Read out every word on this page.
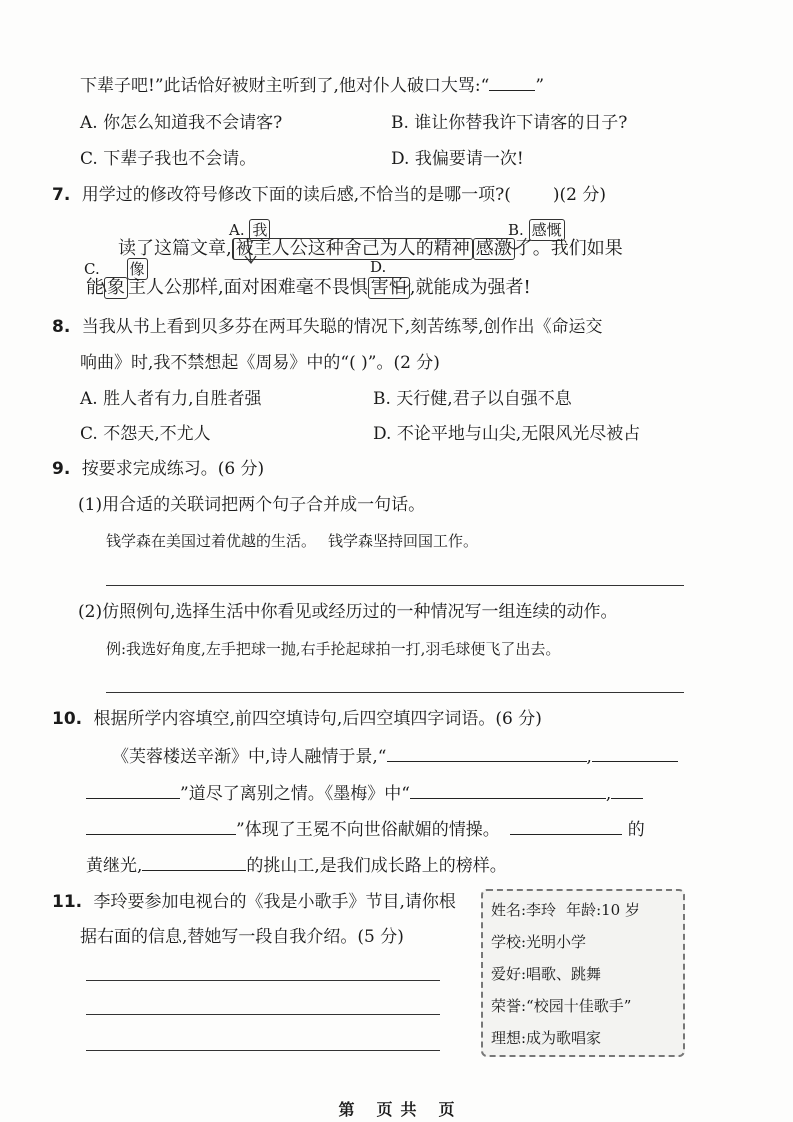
下辈子吧!”此话恰好被财主听到了,他对仆人破口大骂:“	”
A. 你怎么知道我不会请客?	B. 谁让你替我许下请客的日子?
C. 下辈子我也不会请。	D. 我偏要请一次!
7. 用学过的修改符号修改下面的读后感,不恰当的是哪一项?( )(2 分)
A. 我	B. 感慨
C. 像	D.
读了这篇文章, 被主人公这种舍己为人的精神 感激 了。我们如果
能 象 主人公那样,面对困难毫不畏惧 害怕 ,就能成为强者!
8. 当我从书上看到贝多芬在两耳失聪的情况下,刻苦练琴,创作出《命运交
响曲》时,我不禁想起《周易》中的“( )”。(2 分)
A. 胜人者有力,自胜者强	B. 天行健,君子以自强不息
C. 不怨天,不尤人	D. 不论平地与山尖,无限风光尽被占
9. 按要求完成练习。(6 分)
(1)用合适的关联词把两个句子合并成一句话。
钱学森在美国过着优越的生活。 钱学森坚持回国工作。
(2)仿照例句,选择生活中你看见或经历过的一种情况写一组连续的动作。
例:我选好角度,左手把球一抛,右手抡起球拍一打,羽毛球便飞了出去。
10. 根据所学内容填空,前四空填诗句,后四空填四字词语。(6 分)
《芙蓉楼送辛渐》中,诗人融情于景,“	,
”道尽了离别之情。《墨梅》中“	,
”体现了王冕不向世俗献媚的情操。	的
黄继光,	的挑山工,是我们成长路上的榜样。
11. 李玲要参加电视台的《我是小歌手》节目,请你根
据右面的信息,替她写一段自我介绍。(5 分)
姓名:李玲 年龄:10 岁
学校:光明小学
爱好:唱歌、跳舞
荣誉:“校园十佳歌手”
理想:成为歌唱家
第 页 共 页
